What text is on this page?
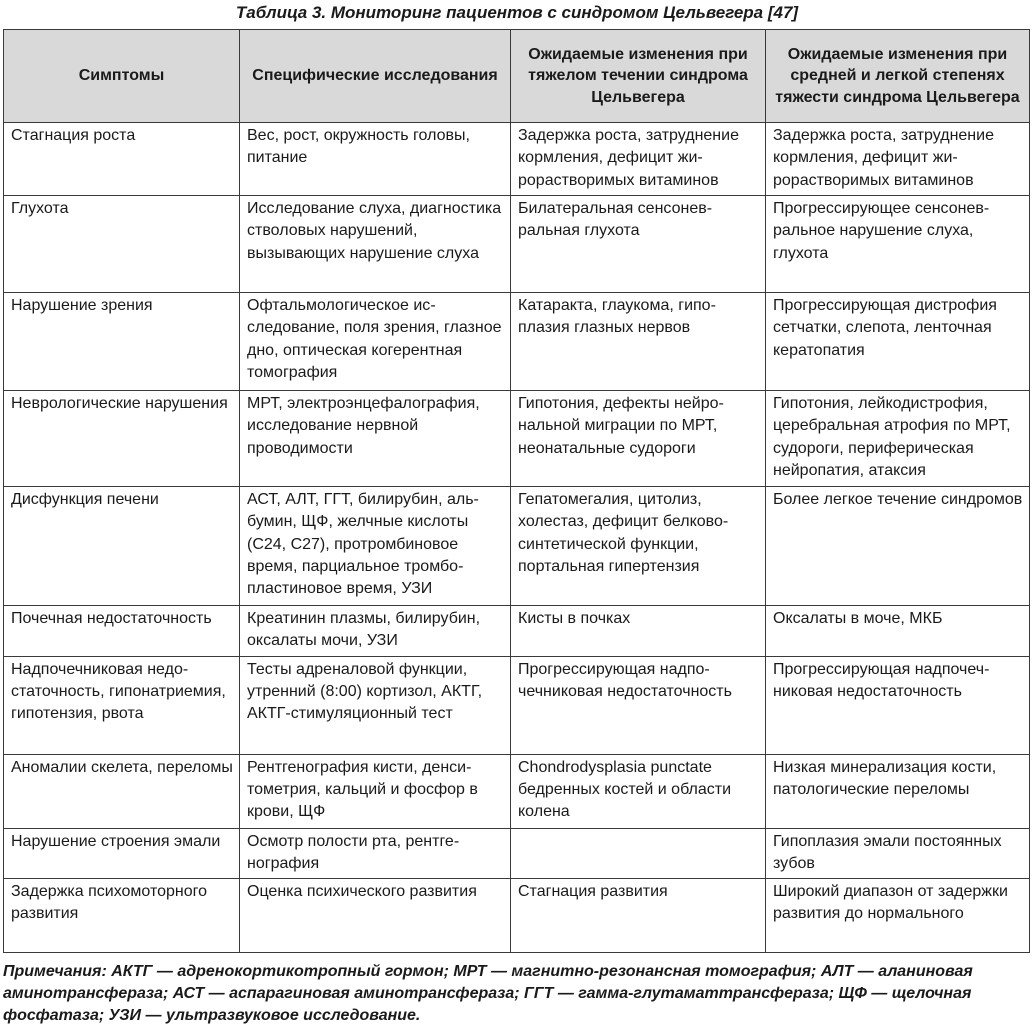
Таблица 3. Мониторинг пациентов с синдромом Цельвегера [47]
Симптомы	Специфические исследования	Ожидаемые изменения при тяжелом течении синдрома Цельвегера	Ожидаемые изменения при средней и легкой степенях тяжести синдрома Цельвегера
Стагнация роста	Вес, рост, окружность головы, питание	Задержка роста, затруднение кормления, дефицит жирорастворимых витаминов	Задержка роста, затруднение кормления, дефицит жирорастворимых витаминов
Глухота	Исследование слуха, диагностика стволовых нарушений, вызывающих нарушение слуха	Билатеральная сенсоневральная глухота	Прогрессирующее сенсоневральное нарушение слуха, глухота
Нарушение зрения	Офтальмологическое исследование, поля зрения, глазное дно, оптическая когерентная томография	Катаракта, глаукома, гипоплазия глазных нервов	Прогрессирующая дистрофия сетчатки, слепота, ленточная кератопатия
Неврологические нарушения	МРТ, электроэнцефалография, исследование нервной проводимости	Гипотония, дефекты нейрональной миграции по МРТ, неонатальные судороги	Гипотония, лейкодистрофия, церебральная атрофия по МРТ, судороги, периферическая нейропатия, атаксия
Дисфункция печени	АСТ, АЛТ, ГГТ, билирубин, альбумин, ЩФ, желчные кислоты (С24, С27), протромбиновое время, парциальное тромбопластиновое время, УЗИ	Гепатомегалия, цитолиз, холестаз, дефицит белковосинтетической функции, портальная гипертензия	Более легкое течение синдромов
Почечная недостаточность	Креатинин плазмы, билирубин, оксалаты мочи, УЗИ	Кисты в почках	Оксалаты в моче, МКБ
Надпочечниковая недостаточность, гипонатриемия, гипотензия, рвота	Тесты адреналовой функции, утренний (8:00) кортизол, АКТГ, АКТГ-стимуляционный тест	Прогрессирующая надпочечниковая недостаточность	Прогрессирующая надпочечниковая недостаточность
Аномалии скелета, переломы	Рентгенография кисти, денситометрия, кальций и фосфор в крови, ЩФ	Chondrodysplasia punctate бедренных костей и области колена	Низкая минерализация кости, патологические переломы
Нарушение строения эмали	Осмотр полости рта, рентгенография		Гипоплазия эмали постоянных зубов
Задержка психомоторного развития	Оценка психического развития	Стагнация развития	Широкий диапазон от задержки развития до нормального
Примечания: АКТГ — адренокортикотропный гормон; МРТ — магнитно-резонансная томография; АЛТ — аланиновая аминотрансфераза; АСТ — аспарагиновая аминотрансфераза; ГГТ — гамма-глутаматтрансфераза; ЩФ — щелочная фосфатаза; УЗИ — ультразвуковое исследование.
